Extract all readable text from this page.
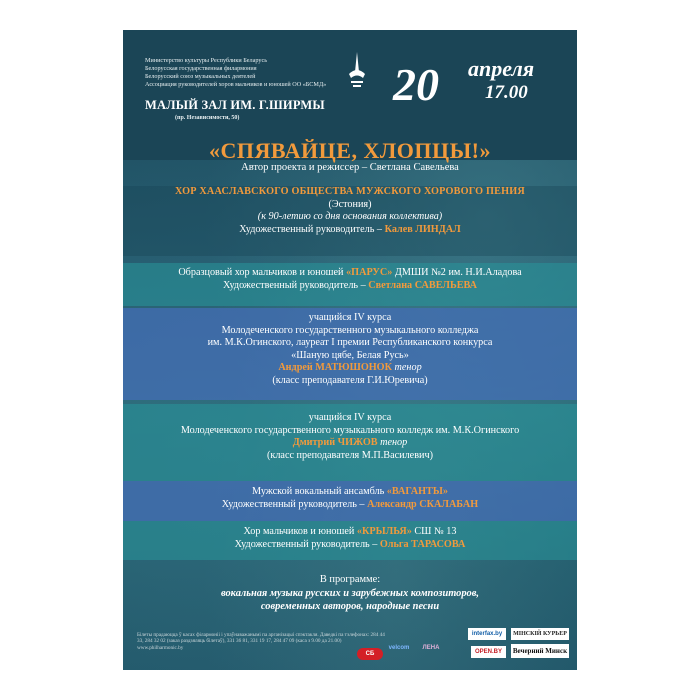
Министерство культуры Республики Беларусь
Белорусская государственная филармония
Белорусский союз музыкальных деятелей
Ассоциация руководителей хоров мальчиков и юношей ОО «БСМД» 20 апреля
17.00
МАЛЫЙ ЗАЛ ИМ. Г.ШИРМЫ
(пр. Независимости, 50)
«СПЯВАЙЦЕ, ХЛОПЦЫ!»
Автор проекта и режиссер – Светлана Савельева
ХОР ХААСЛАВСКОГО ОБЩЕСТВА МУЖСКОГО ХОРОВОГО ПЕНИЯ
(Эстония)
(к 90-летию со дня основания коллектива)
Художественный руководитель – Калев ЛИНДАЛ
Образцовый хор мальчиков и юношей «ПАРУС» ДМШИ №2 им. Н.И.Аладова
Художественный руководитель – Светлана САВЕЛЬЕВА
учащийся IV курса
Молодеченского государственного музыкального колледжа
им. М.К.Огинского, лауреат I премии Республиканского конкурса
«Шаную цябе, Белая Русь»
Андрей МАТЮШОНОК тенор
(класс преподавателя Г.И.Юревича)
учащийся IV курса
Молодеченского государственного музыкального колледж им. М.К.Огинского
Дмитрий ЧИЖОВ тенор
(класс преподавателя М.П.Василевич)
Мужской вокальный ансамбль «ВАГАНТЫ»
Художественный руководитель – Александр СКАЛАБАН
Хор мальчиков и юношей «КРЫЛЬЯ» СШ № 13
Художественный руководитель – Ольга ТАРАСОВА
В программе:
вокальная музыка русских и зарубежных композиторов,
современных авторов, народные песни
Білеты прадаюцца ў касах філармоніі і упаўнаважанымі па арганізацыі спэктакля. Даведкі па тэлефонах: 284 44 33, 284 32 02 (заказ раздзяляць білетаў), 331 36 81, 331 19 17, 284 47 09 (каса з 9.00 да 21.00) www.philharmonic.by
СБ
velcom	ЛЕНА
interfax.by
OPEN.BY
МІНСКІЙ КУРЬЕР
Вечерний Минск
